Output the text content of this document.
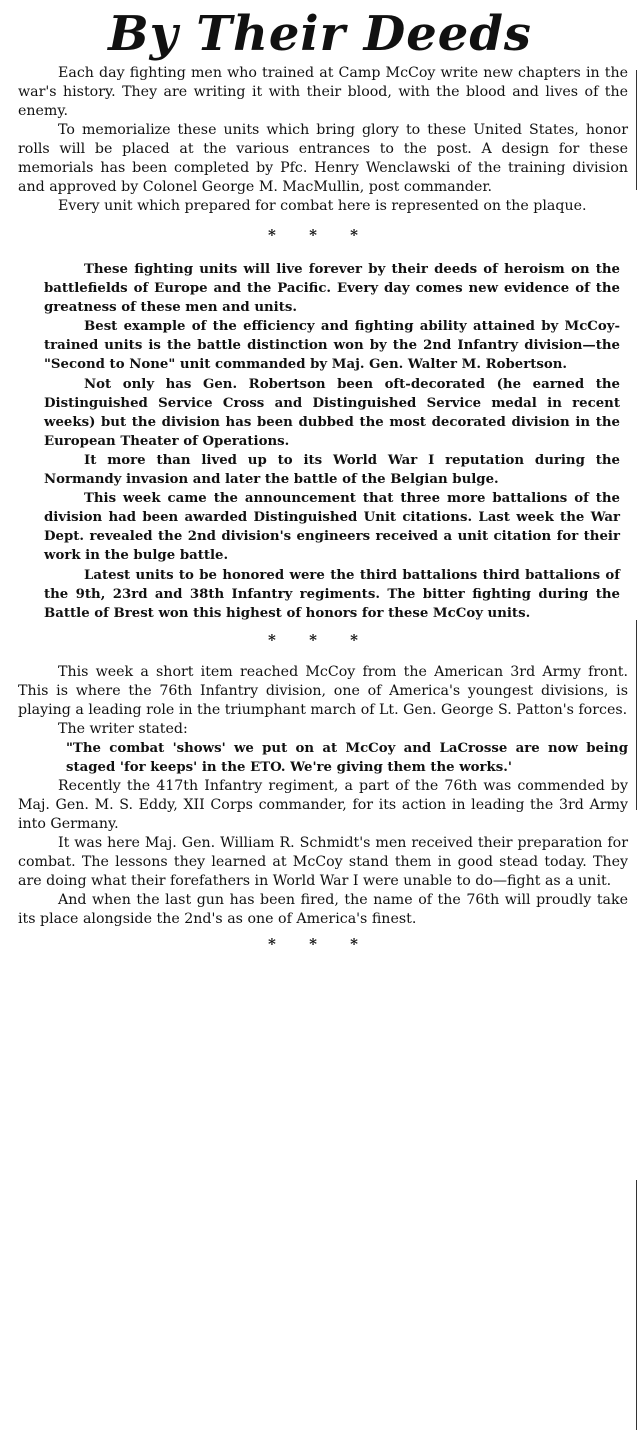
By Their Deeds

Each day fighting men who trained at Camp McCoy write new chapters in the war's history. They are writing it with their blood, with the blood and lives of the enemy.

To memorialize these units which bring glory to these United States, honor rolls will be placed at the various entrances to the post. A design for these memorials has been completed by Pfc. Henry Wenclawski of the training division and approved by Colonel George M. MacMullin, post commander.

Every unit which prepared for combat here is represented on the plaque.

* * *

These fighting units will live forever by their deeds of heroism on the battlefields of Europe and the Pacific. Every day comes new evidence of the greatness of these men and units.

Best example of the efficiency and fighting ability attained by McCoy-trained units is the battle distinction won by the 2nd Infantry division—the "Second to None" unit commanded by Maj. Gen. Walter M. Robertson.

Not only has Gen. Robertson been oft-decorated (he earned the Distinguished Service Cross and Distinguished Service medal in recent weeks) but the division has been dubbed the most decorated division in the European Theater of Operations.

It more than lived up to its World War I reputation during the Normandy invasion and later the battle of the Belgian bulge.

This week came the announcement that three more battalions of the division had been awarded Distinguished Unit citations. Last week the War Dept. revealed the 2nd division's engineers received a unit citation for their work in the bulge battle.

Latest units to be honored were the third battalions third battalions of the 9th, 23rd and 38th Infantry regiments. The bitter fighting during the Battle of Brest won this highest of honors for these McCoy units.

* * *

This week a short item reached McCoy from the American 3rd Army front. This is where the 76th Infantry division, one of America's youngest divisions, is playing a leading role in the triumphant march of Lt. Gen. George S. Patton's forces.

The writer stated:

"The combat 'shows' we put on at McCoy and LaCrosse are now being staged 'for keeps' in the ETO. We're giving them the works.'

Recently the 417th Infantry regiment, a part of the 76th was commended by Maj. Gen. M. S. Eddy, XII Corps commander, for its action in leading the 3rd Army into Germany.

It was here Maj. Gen. William R. Schmidt's men received their preparation for combat. The lessons they learned at McCoy stand them in good stead today. They are doing what their forefathers in World War I were unable to do—fight as a unit.

And when the last gun has been fired, the name of the 76th will proudly take its place alongside the 2nd's as one of America's finest.

* * *
